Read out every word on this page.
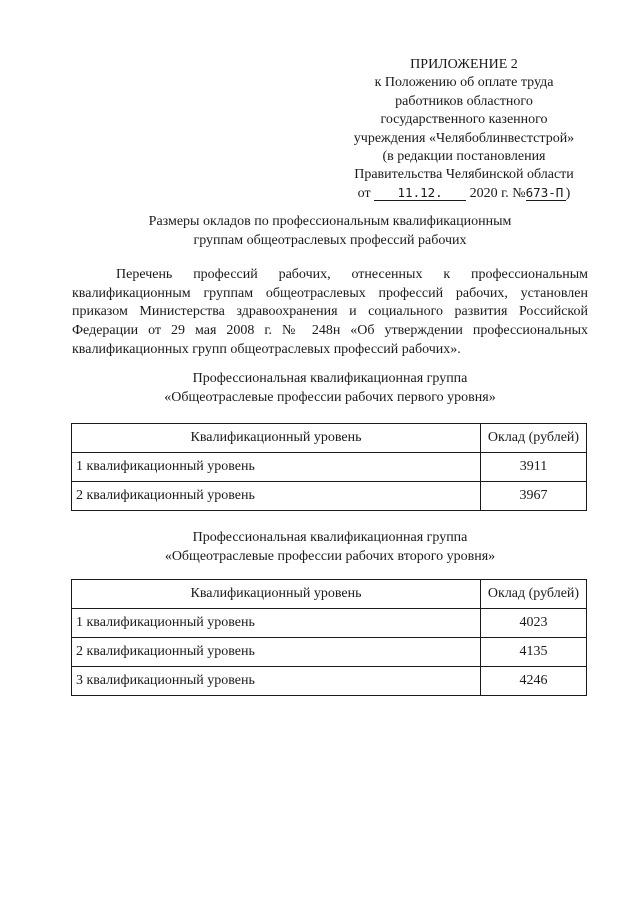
ПРИЛОЖЕНИЕ 2
к Положению об оплате труда
работников областного
государственного казенного
учреждения «Челябоблинвестстрой»
(в редакции постановления
Правительства Челябинской области
от 11.12. 2020 г. №673-П )
Размеры окладов по профессиональным квалификационным
группам общеотраслевых профессий рабочих

Перечень профессий рабочих, отнесенных к профессиональным квалификационным группам общеотраслевых профессий рабочих, установлен приказом Министерства здравоохранения и социального развития Российской Федерации от 29 мая 2008 г. № 248н «Об утверждении профессиональных квалификационных групп общеотраслевых профессий рабочих».

Профессиональная квалификационная группа
«Общеотраслевые профессии рабочих первого уровня»
Квалификационный уровень	Оклад (рублей)
1 квалификационный уровень	3911
2 квалификационный уровень	3967
Профессиональная квалификационная группа
«Общеотраслевые профессии рабочих второго уровня»
Квалификационный уровень	Оклад (рублей)
1 квалификационный уровень	4023
2 квалификационный уровень	4135
3 квалификационный уровень	4246
